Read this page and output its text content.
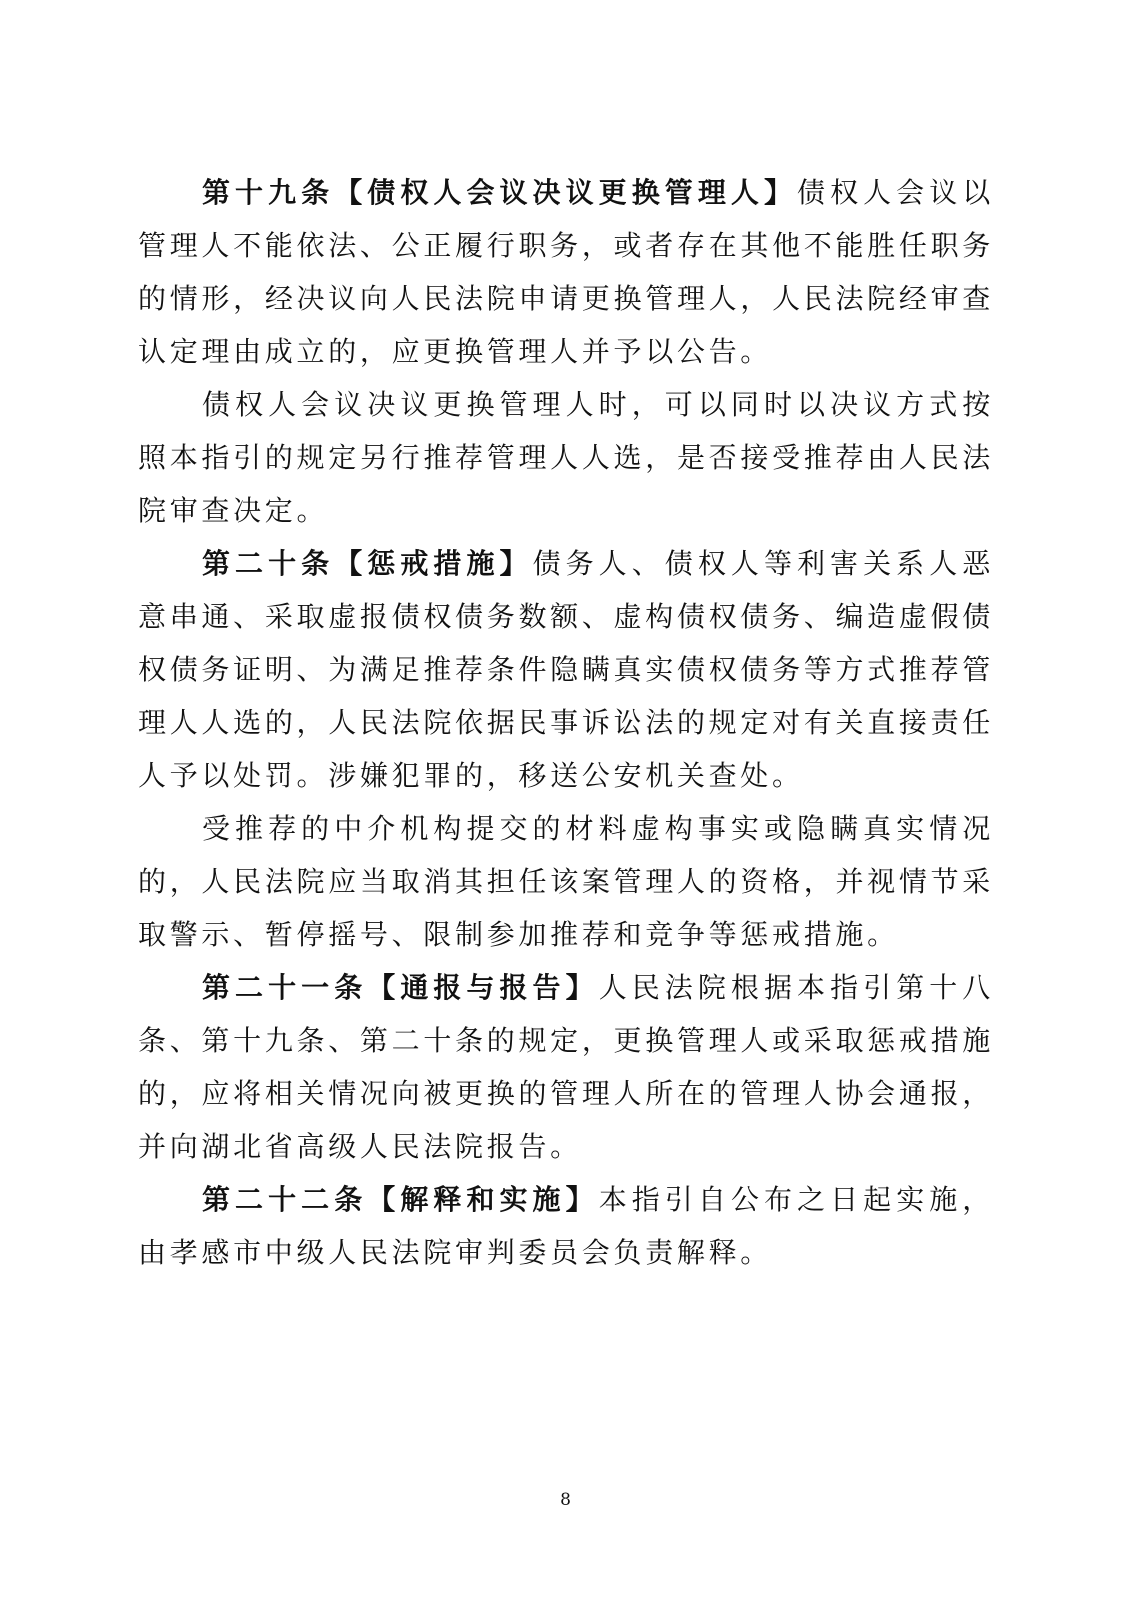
第十九条【债权人会议决议更换管理人】债权人会议以管理人不能依法、公正履行职务，或者存在其他不能胜任职务的情形，经决议向人民法院申请更换管理人，人民法院经审查认定理由成立的，应更换管理人并予以公告。

债权人会议决议更换管理人时，可以同时以决议方式按照本指引的规定另行推荐管理人人选，是否接受推荐由人民法院审查决定。

第二十条【惩戒措施】债务人、债权人等利害关系人恶意串通、采取虚报债权债务数额、虚构债权债务、编造虚假债权债务证明、为满足推荐条件隐瞒真实债权债务等方式推荐管理人人选的，人民法院依据民事诉讼法的规定对有关直接责任人予以处罚。涉嫌犯罪的，移送公安机关查处。

受推荐的中介机构提交的材料虚构事实或隐瞒真实情况的，人民法院应当取消其担任该案管理人的资格，并视情节采取警示、暂停摇号、限制参加推荐和竞争等惩戒措施。

第二十一条【通报与报告】人民法院根据本指引第十八条、第十九条、第二十条的规定，更换管理人或采取惩戒措施的，应将相关情况向被更换的管理人所在的管理人协会通报，并向湖北省高级人民法院报告。

第二十二条【解释和实施】本指引自公布之日起实施，由孝感市中级人民法院审判委员会负责解释。

8
